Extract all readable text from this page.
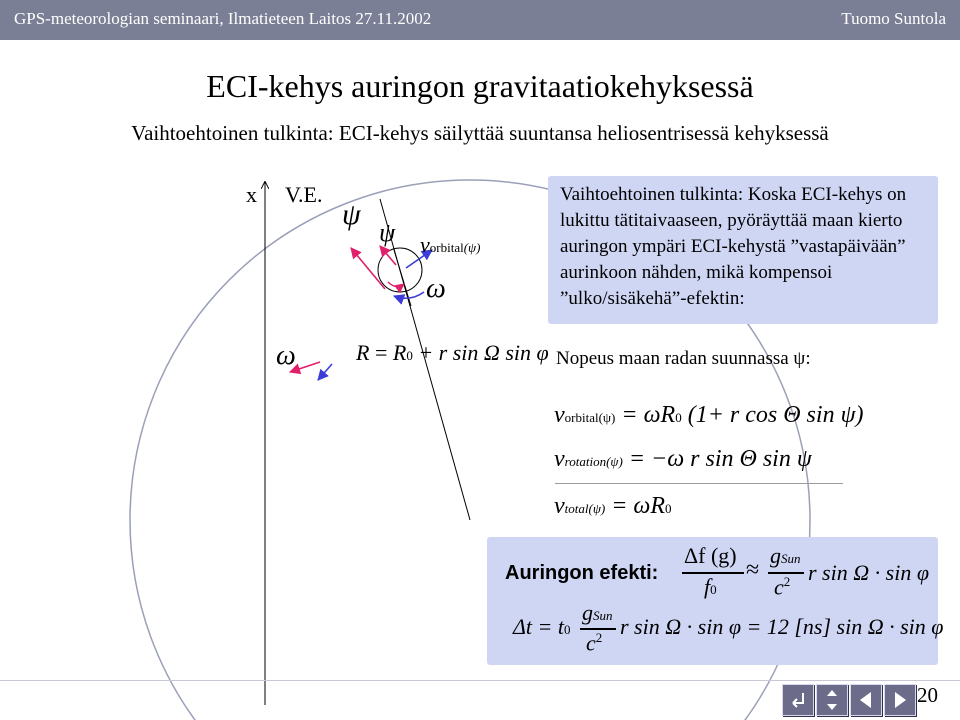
GPS-meteorologian seminaari, Ilmatieteen Laitos 27.11.2002	Tuomo Suntola
ECI-kehys auringon gravitaatiokehyksessä
Vaihtoehtoinen tulkinta: ECI-kehys säilyttää suuntansa heliosentrisessä kehyksessä
x V.E.
ψ
ψ vorbital(ψ)
ω
ω	R = R0 + r sin Ω sin φ
Vaihtoehtoinen tulkinta: Koska ECI-kehys on lukittu tätitaivaaseen, pyöräyttää maan kierto auringon ympäri ECI-kehystä ”vastapäivään” aurinkoon nähden, mikä kompensoi ”ulko/sisäkehä”-efektin:
Nopeus maan radan suunnassa ψ:
vorbital(ψ) = ωR0 (1+ r cos Θ sin ψ)
vrotation(ψ) = −ω r sin Θ sin ψ
vtotal(ψ) = ωR0
Auringon efekti:
Δf (g)
f0
≈
gSun
$c^2$ r sin Ω · sin φ
Δt = t0
gSun
$c^2$ r sin Ω · sin φ = 12 [ns] sin Ω · sin φ
20
